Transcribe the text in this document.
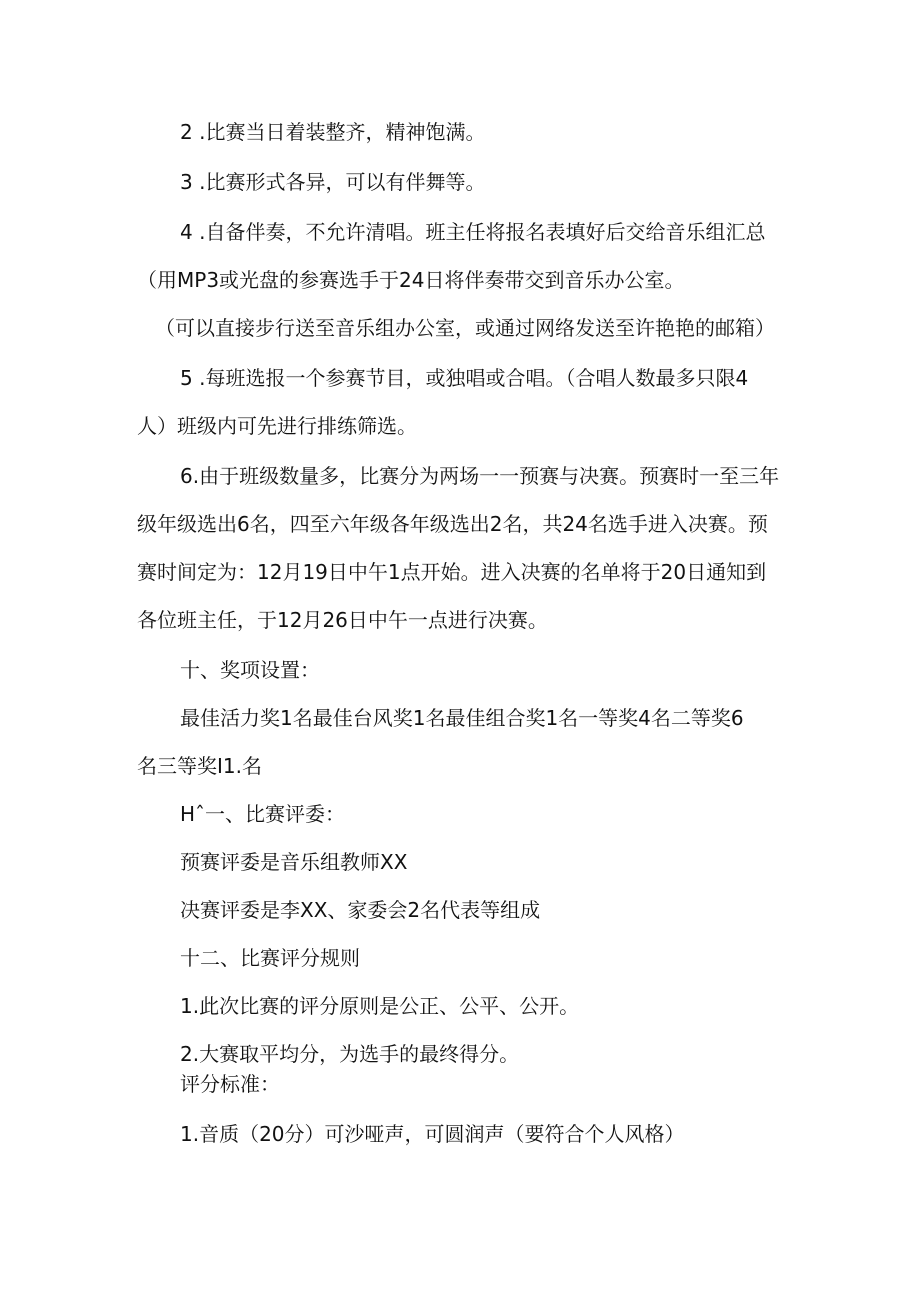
2 .比赛当日着装整齐，精神饱满。
3 .比赛形式各异，可以有伴舞等。
4 .自备伴奏，不允许清唱。班主任将报名表填好后交给音乐组汇总
（用MP3或光盘的参赛选手于24日将伴奏带交到音乐办公室。
（可以直接步行送至音乐组办公室，或通过网络发送至许艳艳的邮箱）
5 .每班选报一个参赛节目，或独唱或合唱。（合唱人数最多只限4
人）班级内可先进行排练筛选。
6.由于班级数量多，比赛分为两场一一预赛与决赛。预赛时一至三年
级年级选出6名，四至六年级各年级选出2名，共24名选手进入决赛。预
赛时间定为：12月19日中午1点开始。进入决赛的名单将于20日通知到
各位班主任，于12月26日中午一点进行决赛。
十、奖项设置：
最佳活力奖1名最佳台风奖1名最佳组合奖1名一等奖4名二等奖6
名三等奖I1.名
Hˆ一、比赛评委：
预赛评委是音乐组教师XX
决赛评委是李XX、家委会2名代表等组成
十二、比赛评分规则
1.此次比赛的评分原则是公正、公平、公开。
2.大赛取平均分，为选手的最终得分。
评分标准：
1.音质（20分）可沙哑声，可圆润声（要符合个人风格）
